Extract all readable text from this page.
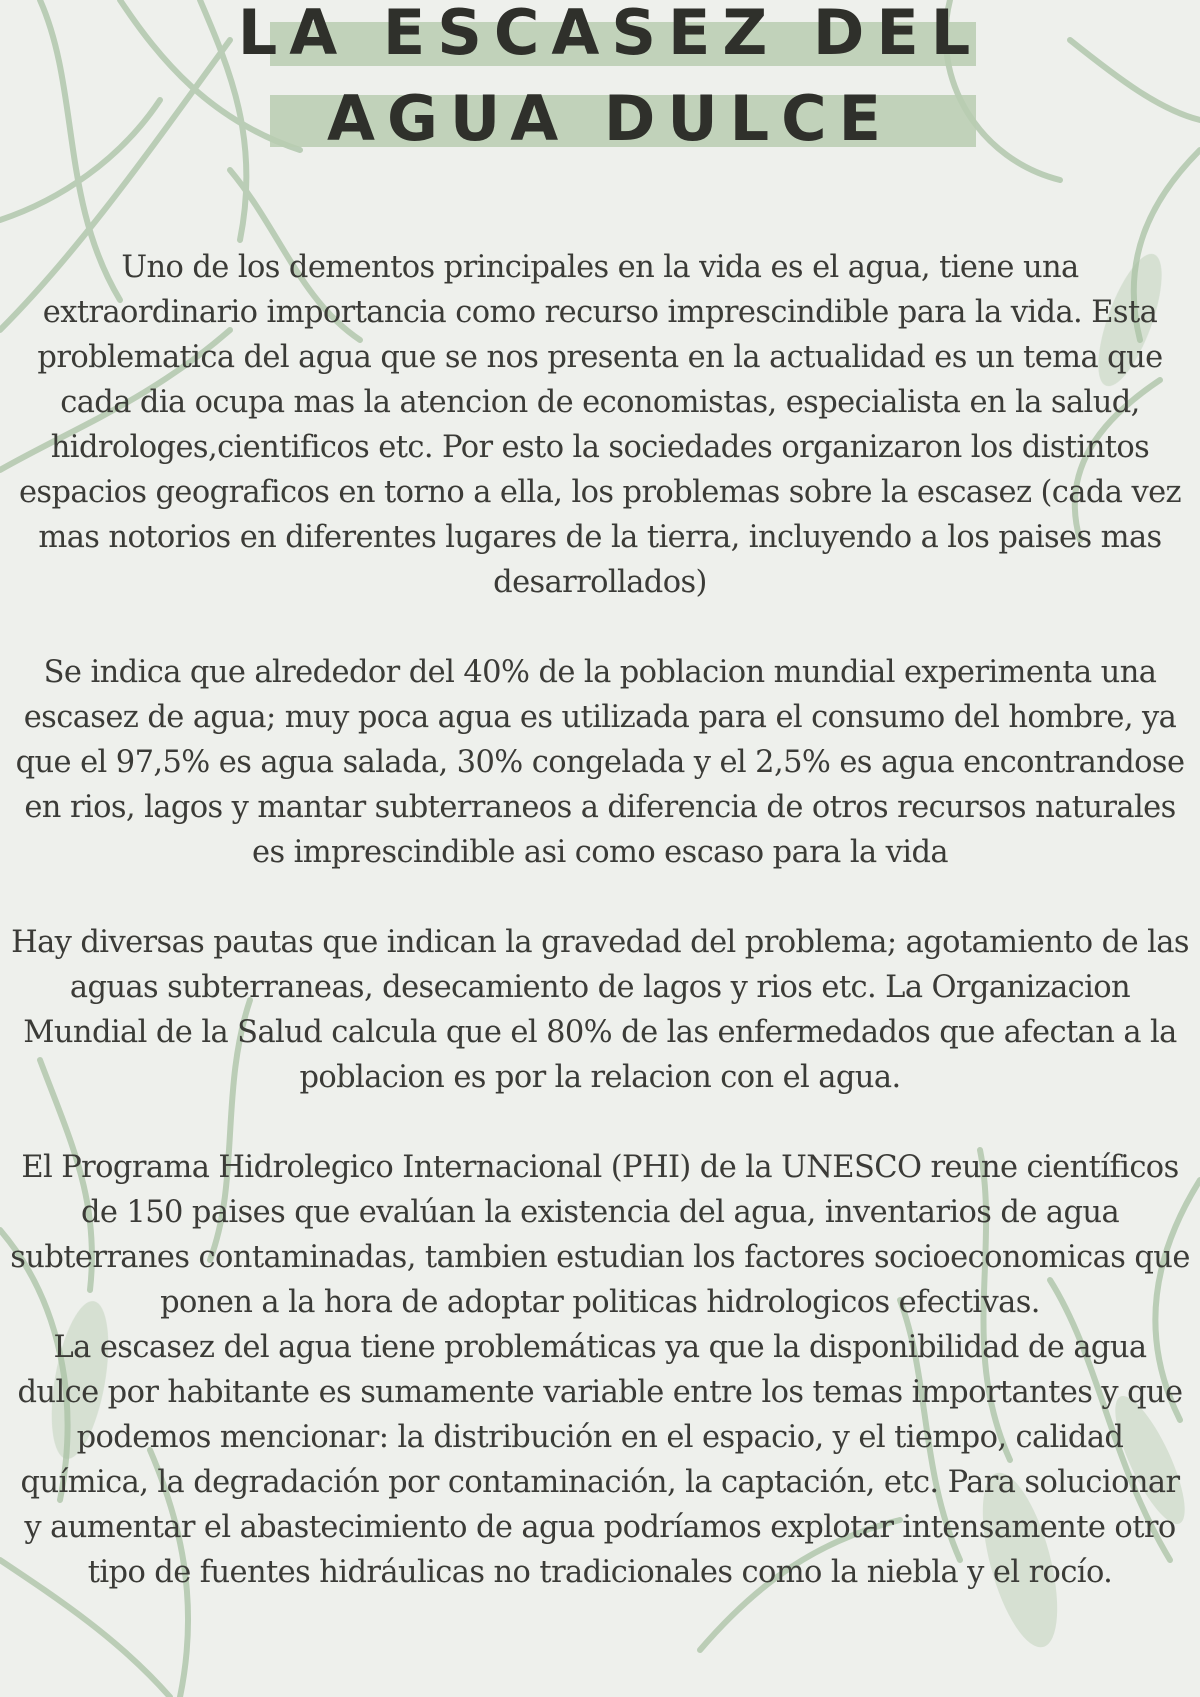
LA ESCASEZ DEL
AGUA DULCE

Uno de los dementos principales en la vida es el agua, tiene una extraordinario importancia como recurso imprescindible para la vida. Esta problematica del agua que se nos presenta en la actualidad es un tema que cada dia ocupa mas la atencion de economistas, especialista en la salud, hidrologes,cientificos etc. Por esto la sociedades organizaron los distintos espacios geograficos en torno a ella, los problemas sobre la escasez (cada vez mas notorios en diferentes lugares de la tierra, incluyendo a los paises mas desarrollados)

Se indica que alrededor del 40% de la poblacion mundial experimenta una escasez de agua; muy poca agua es utilizada para el consumo del hombre, ya que el 97,5% es agua salada, 30% congelada y el 2,5% es agua encontrandose en rios, lagos y mantar subterraneos a diferencia de otros recursos naturales es imprescindible asi como escaso para la vida

Hay diversas pautas que indican la gravedad del problema; agotamiento de las aguas subterraneas, desecamiento de lagos y rios etc. La Organizacion Mundial de la Salud calcula que el 80% de las enfermedados que afectan a la poblacion es por la relacion con el agua.

El Programa Hidrolegico Internacional (PHI) de la UNESCO reune científicos de 150 paises que evalúan la existencia del agua, inventarios de agua subterranes contaminadas, tambien estudian los factores socioeconomicas que ponen a la hora de adoptar politicas hidrologicos efectivas.

La escasez del agua tiene problemáticas ya que la disponibilidad de agua dulce por habitante es sumamente variable entre los temas importantes y que podemos mencionar: la distribución en el espacio, y el tiempo, calidad química, la degradación por contaminación, la captación, etc. Para solucionar y aumentar el abastecimiento de agua podríamos explotar intensamente otro tipo de fuentes hidráulicas no tradicionales como la niebla y el rocío.
